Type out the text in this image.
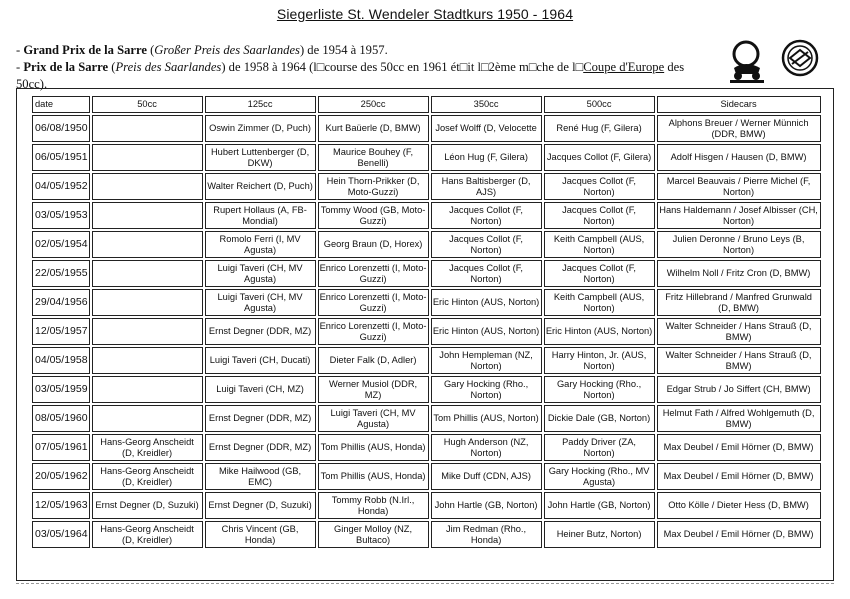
Siegerliste St. Wendeler Stadtkurs 1950 - 1964
- Grand Prix de la Sarre (Großer Preis des Saarlandes) de 1954 à 1957.
- Prix de la Sarre (Preis des Saarlandes) de 1958 à 1964 (l□course des 50cc en 1961 ét□it l□2ème m□che de l□Coupe d'Europe des 50cc).
date	50cc	125cc	250cc	350cc	500cc	Sidecars
06/08/1950		Oswin Zimmer (D, Puch)	Kurt Baüerle (D, BMW)	Josef Wolff (D, Velocette	René Hug (F, Gilera)	Alphons Breuer / Werner Münnich (DDR, BMW)
06/05/1951		Hubert Luttenberger (D, DKW)	Maurice Bouhey (F, Benelli)	Léon Hug (F, Gilera)	Jacques Collot (F, Gilera)	Adolf Hisgen / Hausen (D, BMW)
04/05/1952		Walter Reichert (D, Puch)	Hein Thorn-Prikker (D, Moto-Guzzi)	Hans Baltisberger (D, AJS)	Jacques Collot (F, Norton)	Marcel Beauvais / Pierre Michel (F, Norton)
03/05/1953		Rupert Hollaus (A, FB-Mondial)	Tommy Wood (GB, Moto-Guzzi)	Jacques Collot (F, Norton)	Jacques Collot (F, Norton)	Hans Haldemann / Josef Albisser (CH, Norton)
02/05/1954		Romolo Ferri (I, MV Agusta)	Georg Braun (D, Horex)	Jacques Collot (F, Norton)	Keith Campbell (AUS, Norton)	Julien Deronne / Bruno Leys (B, Norton)
22/05/1955		Luigi Taveri (CH, MV Agusta)	Enrico Lorenzetti (I, Moto-Guzzi)	Jacques Collot (F, Norton)	Jacques Collot (F, Norton)	Wilhelm Noll / Fritz Cron (D, BMW)
29/04/1956		Luigi Taveri (CH, MV Agusta)	Enrico Lorenzetti (I, Moto-Guzzi)	Eric Hinton (AUS, Norton)	Keith Campbell (AUS, Norton)	Fritz Hillebrand / Manfred Grunwald (D, BMW)
12/05/1957		Ernst Degner (DDR, MZ)	Enrico Lorenzetti (I, Moto-Guzzi)	Eric Hinton (AUS, Norton)	Eric Hinton (AUS, Norton)	Walter Schneider / Hans Strauß (D, BMW)
04/05/1958		Luigi Taveri (CH, Ducati)	Dieter Falk (D, Adler)	John Hempleman (NZ, Norton)	Harry Hinton, Jr. (AUS, Norton)	Walter Schneider / Hans Strauß (D, BMW)
03/05/1959		Luigi Taveri (CH, MZ)	Werner Musiol (DDR, MZ)	Gary Hocking (Rho., Norton)	Gary Hocking (Rho., Norton)	Edgar Strub / Jo Siffert (CH, BMW)
08/05/1960		Ernst Degner (DDR, MZ)	Luigi Taveri (CH, MV Agusta)	Tom Phillis (AUS, Norton)	Dickie Dale (GB, Norton)	Helmut Fath / Alfred Wohlgemuth (D, BMW)
07/05/1961	Hans-Georg Anscheidt (D, Kreidler)	Ernst Degner (DDR, MZ)	Tom Phillis (AUS, Honda)	Hugh Anderson (NZ, Norton)	Paddy Driver (ZA, Norton)	Max Deubel / Emil Hörner (D, BMW)
20/05/1962	Hans-Georg Anscheidt (D, Kreidler)	Mike Hailwood (GB, EMC)	Tom Phillis (AUS, Honda)	Mike Duff (CDN, AJS)	Gary Hocking (Rho., MV Agusta)	Max Deubel / Emil Hörner (D, BMW)
12/05/1963	Ernst Degner (D, Suzuki)	Ernst Degner (D, Suzuki)	Tommy Robb (N.Irl., Honda)	John Hartle (GB, Norton)	John Hartle (GB, Norton)	Otto Kölle / Dieter Hess (D, BMW)
03/05/1964	Hans-Georg Anscheidt (D, Kreidler)	Chris Vincent (GB, Honda)	Ginger Molloy (NZ, Bultaco)	Jim Redman (Rho., Honda)	Heiner Butz, Norton)	Max Deubel / Emil Hörner (D, BMW)
